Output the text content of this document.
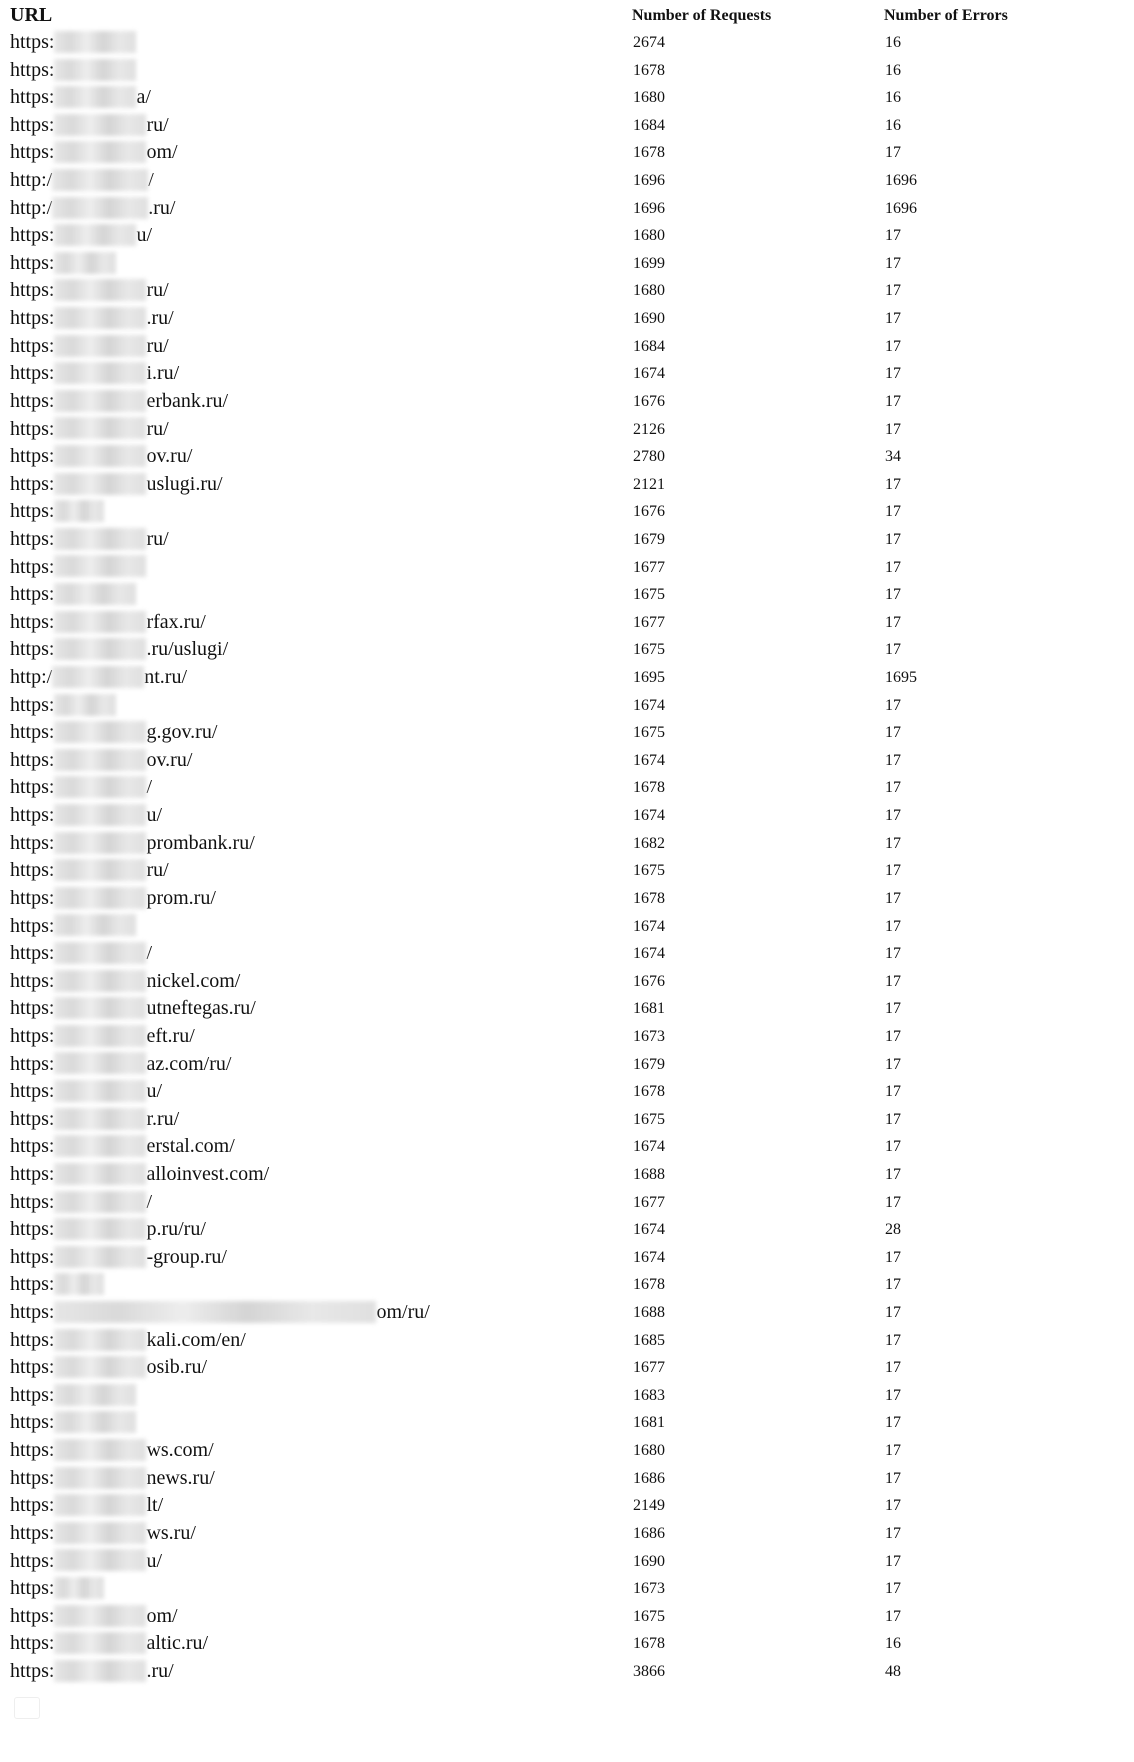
URL	Number of Requests	Number of Errors
https:	2674	16
https:	1678	16
https:	a/	1680	16
https:	ru/	1684	16
https:	om/	1678	17
http:/	/	1696	1696
http:/	.ru/	1696	1696
https:	u/	1680	17
https:	1699	17
https:	ru/	1680	17
https:	.ru/	1690	17
https:	ru/	1684	17
https:	i.ru/	1674	17
https:	erbank.ru/	1676	17
https:	ru/	2126	17
https:	ov.ru/	2780	34
https:	uslugi.ru/	2121	17
https:	1676	17
https:	ru/	1679	17
https:	1677	17
https:	1675	17
https:	rfax.ru/	1677	17
https:	.ru/uslugi/	1675	17
http:/	nt.ru/	1695	1695
https:	1674	17
https:	g.gov.ru/	1675	17
https:	ov.ru/	1674	17
https:	/	1678	17
https:	u/	1674	17
https:	prombank.ru/	1682	17
https:	ru/	1675	17
https:	prom.ru/	1678	17
https:	1674	17
https:	/	1674	17
https:	nickel.com/	1676	17
https:	utneftegas.ru/	1681	17
https:	eft.ru/	1673	17
https:	az.com/ru/	1679	17
https:	u/	1678	17
https:	r.ru/	1675	17
https:	erstal.com/	1674	17
https:	alloinvest.com/	1688	17
https:	/	1677	17
https:	p.ru/ru/	1674	28
https:	-group.ru/	1674	17
https:	1678	17
https:	om/ru/	1688	17
https:	kali.com/en/	1685	17
https:	osib.ru/	1677	17
https:	1683	17
https:	1681	17
https:	ws.com/	1680	17
https:	news.ru/	1686	17
https:	lt/	2149	17
https:	ws.ru/	1686	17
https:	u/	1690	17
https:	1673	17
https:	om/	1675	17
https:	altic.ru/	1678	16
https:	.ru/	3866	48
